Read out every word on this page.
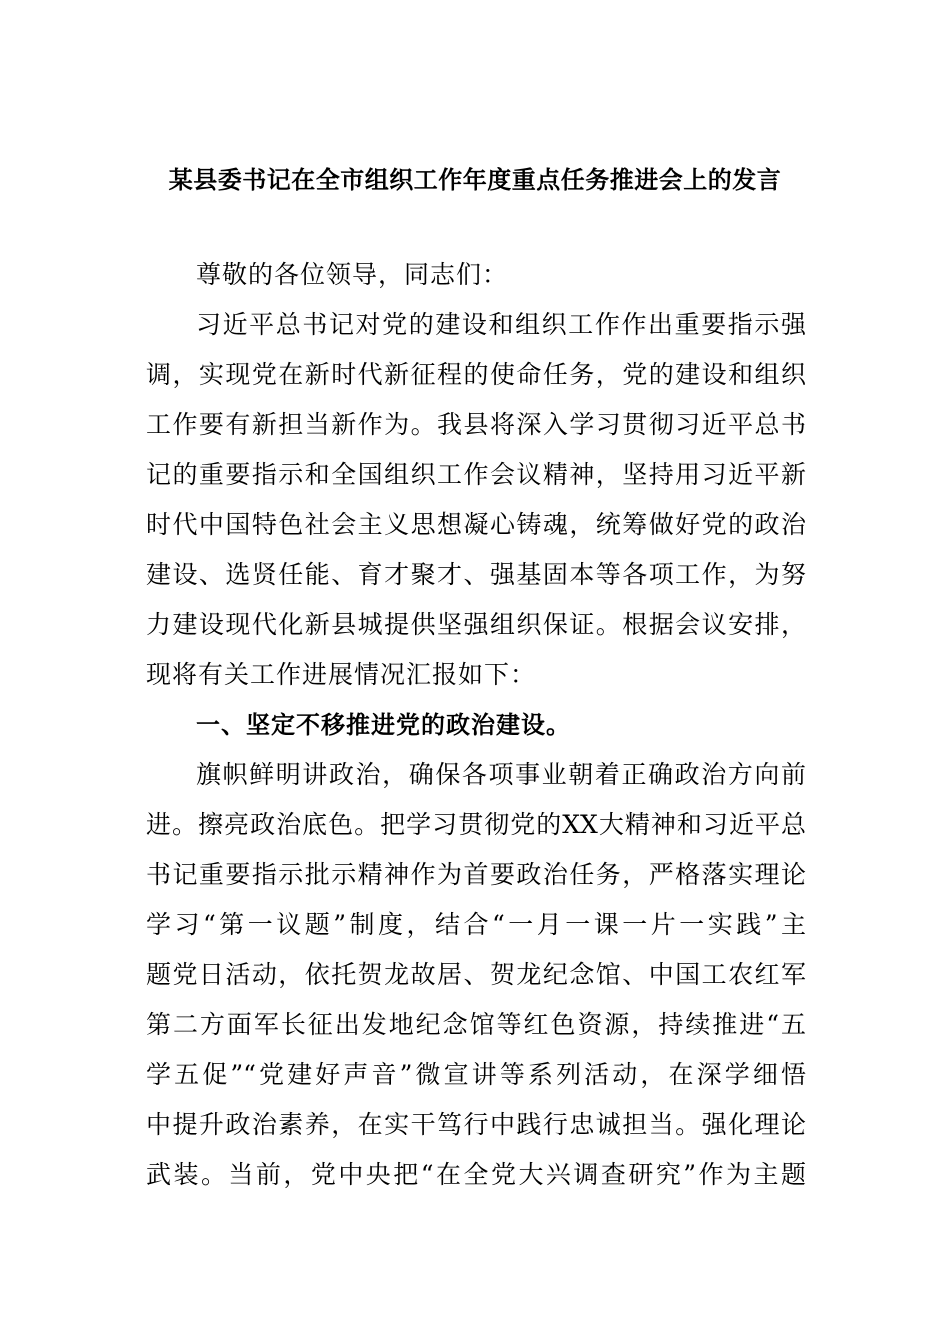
某县委书记在全市组织工作年度重点任务推进会上的发言
尊敬的各位领导，同志们：
习近平总书记对党的建设和组织工作作出重要指示强
调，实现党在新时代新征程的使命任务，党的建设和组织
工作要有新担当新作为。我县将深入学习贯彻习近平总书
记的重要指示和全国组织工作会议精神，坚持用习近平新
时代中国特色社会主义思想凝心铸魂，统筹做好党的政治
建设、选贤任能、育才聚才、强基固本等各项工作，为努
力建设现代化新县城提供坚强组织保证。根据会议安排，
现将有关工作进展情况汇报如下：
一、坚定不移推进党的政治建设。
旗帜鲜明讲政治，确保各项事业朝着正确政治方向前
进。擦亮政治底色。把学习贯彻党的XX大精神和习近平总
书记重要指示批示精神作为首要政治任务，严格落实理论
学习“第一议题”制度，结合“一月一课一片一实践”主
题党日活动，依托贺龙故居、贺龙纪念馆、中国工农红军
第二方面军长征出发地纪念馆等红色资源，持续推进“五
学五促”“党建好声音”微宣讲等系列活动，在深学细悟
中提升政治素养，在实干笃行中践行忠诚担当。强化理论
武装。当前，党中央把“在全党大兴调查研究”作为主题
